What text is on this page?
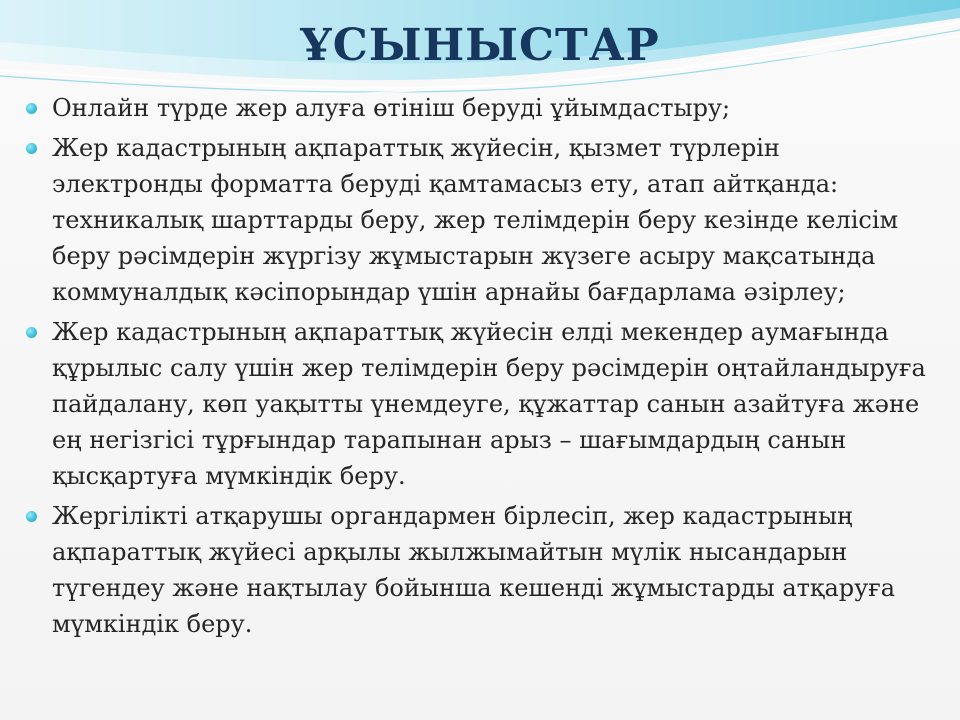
ҰСЫНЫСТАР
Онлайн түрде жер алуға өтініш беруді ұйымдастыру;
Жер кадастрының ақпараттық жүйесін, қызмет түрлерін электронды форматта беруді қамтамасыз ету, атап айтқанда: техникалық шарттарды беру, жер телімдерін беру кезінде келісім беру рәсімдерін жүргізу жұмыстарын жүзеге асыру мақсатында коммуналдық кәсіпорындар үшін арнайы бағдарлама әзірлеу;
Жер кадастрының ақпараттық жүйесін елді мекендер аумағында құрылыс салу үшін жер телімдерін беру рәсімдерін оңтайландыруға пайдалану, көп уақытты үнемдеуге, құжаттар санын азайтуға және ең негізгісі тұрғындар тарапынан арыз – шағымдардың санын қысқартуға мүмкіндік беру.
Жергілікті атқарушы органдармен бірлесіп, жер кадастрының ақпараттық жүйесі арқылы жылжымайтын мүлік нысандарын түгендеу және нақтылау бойынша кешенді жұмыстарды атқаруға мүмкіндік беру.
